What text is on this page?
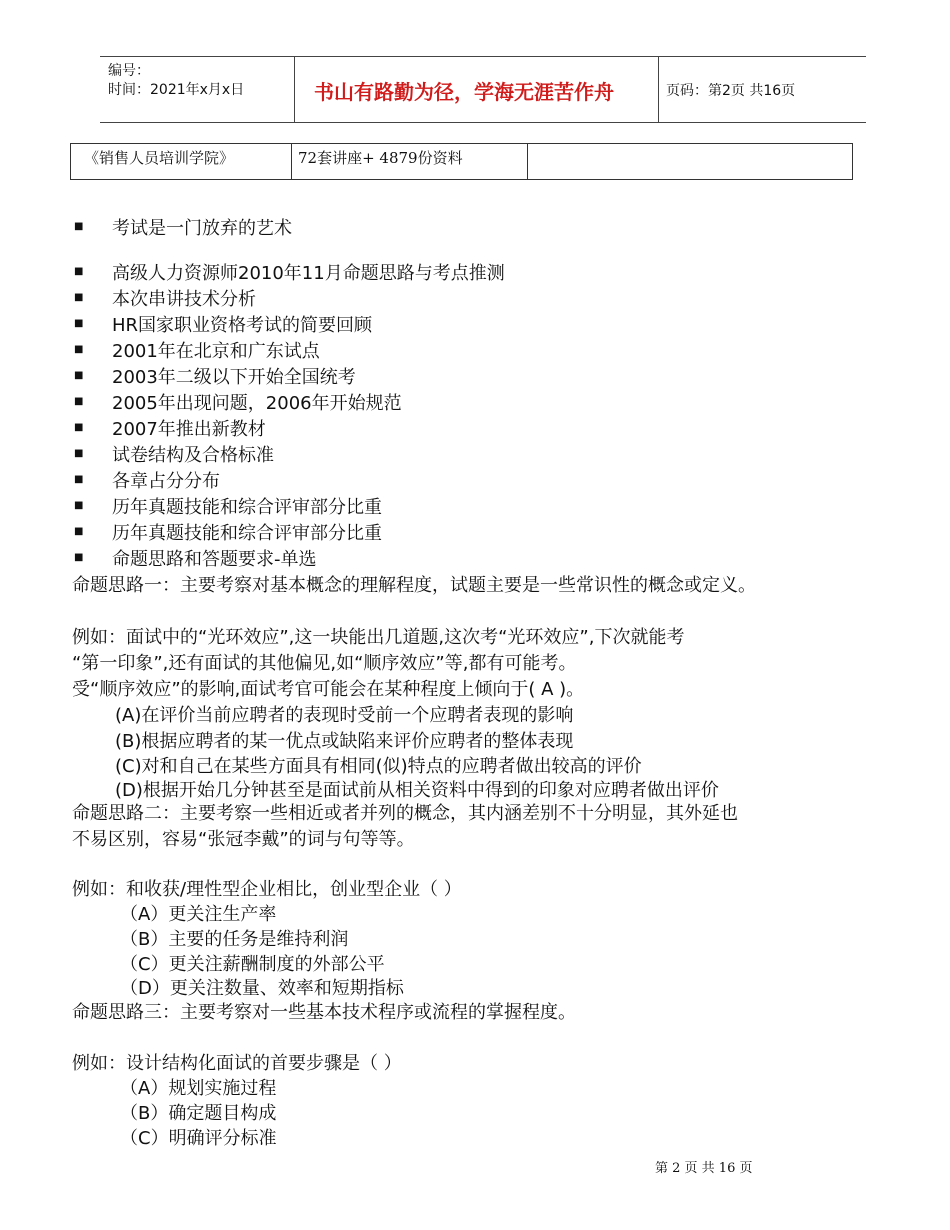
编号：
时间：2021年x月x日	书山有路勤为径，学海无涯苦作舟	页码：第2页 共16页
《销售人员培训学院》	72套讲座+ 4879份资料
■ 考试是一门放弃的艺术
■ 高级人力资源师2010年11月命题思路与考点推测
■ 本次串讲技术分析
■ HR国家职业资格考试的简要回顾
■ 2001年在北京和广东试点
■ 2003年二级以下开始全国统考
■ 2005年出现问题，2006年开始规范
■ 2007年推出新教材
■ 试卷结构及合格标准
■ 各章占分分布
■ 历年真题技能和综合评审部分比重
■ 历年真题技能和综合评审部分比重
■ 命题思路和答题要求-单选
命题思路一：主要考察对基本概念的理解程度，试题主要是一些常识性的概念或定义。
例如：面试中的“光环效应”,这一块能出几道题,这次考“光环效应”,下次就能考
“第一印象”,还有面试的其他偏见,如“顺序效应”等,都有可能考。
受“顺序效应”的影响,面试考官可能会在某种程度上倾向于( A )。
(A)在评价当前应聘者的表现时受前一个应聘者表现的影响
(B)根据应聘者的某一优点或缺陷来评价应聘者的整体表现
(C)对和自己在某些方面具有相同(似)特点的应聘者做出较高的评价
(D)根据开始几分钟甚至是面试前从相关资料中得到的印象对应聘者做出评价
命题思路二：主要考察一些相近或者并列的概念，其内涵差别不十分明显，其外延也
不易区别，容易“张冠李戴”的词与句等等。
例如：和收获/理性型企业相比，创业型企业（ ）
（A）更关注生产率
（B）主要的任务是维持利润
（C）更关注薪酬制度的外部公平
（D）更关注数量、效率和短期指标
命题思路三：主要考察对一些基本技术程序或流程的掌握程度。
例如：设计结构化面试的首要步骤是（ ）
（A）规划实施过程
（B）确定题目构成
（C）明确评分标准
第 2 页 共 16 页
